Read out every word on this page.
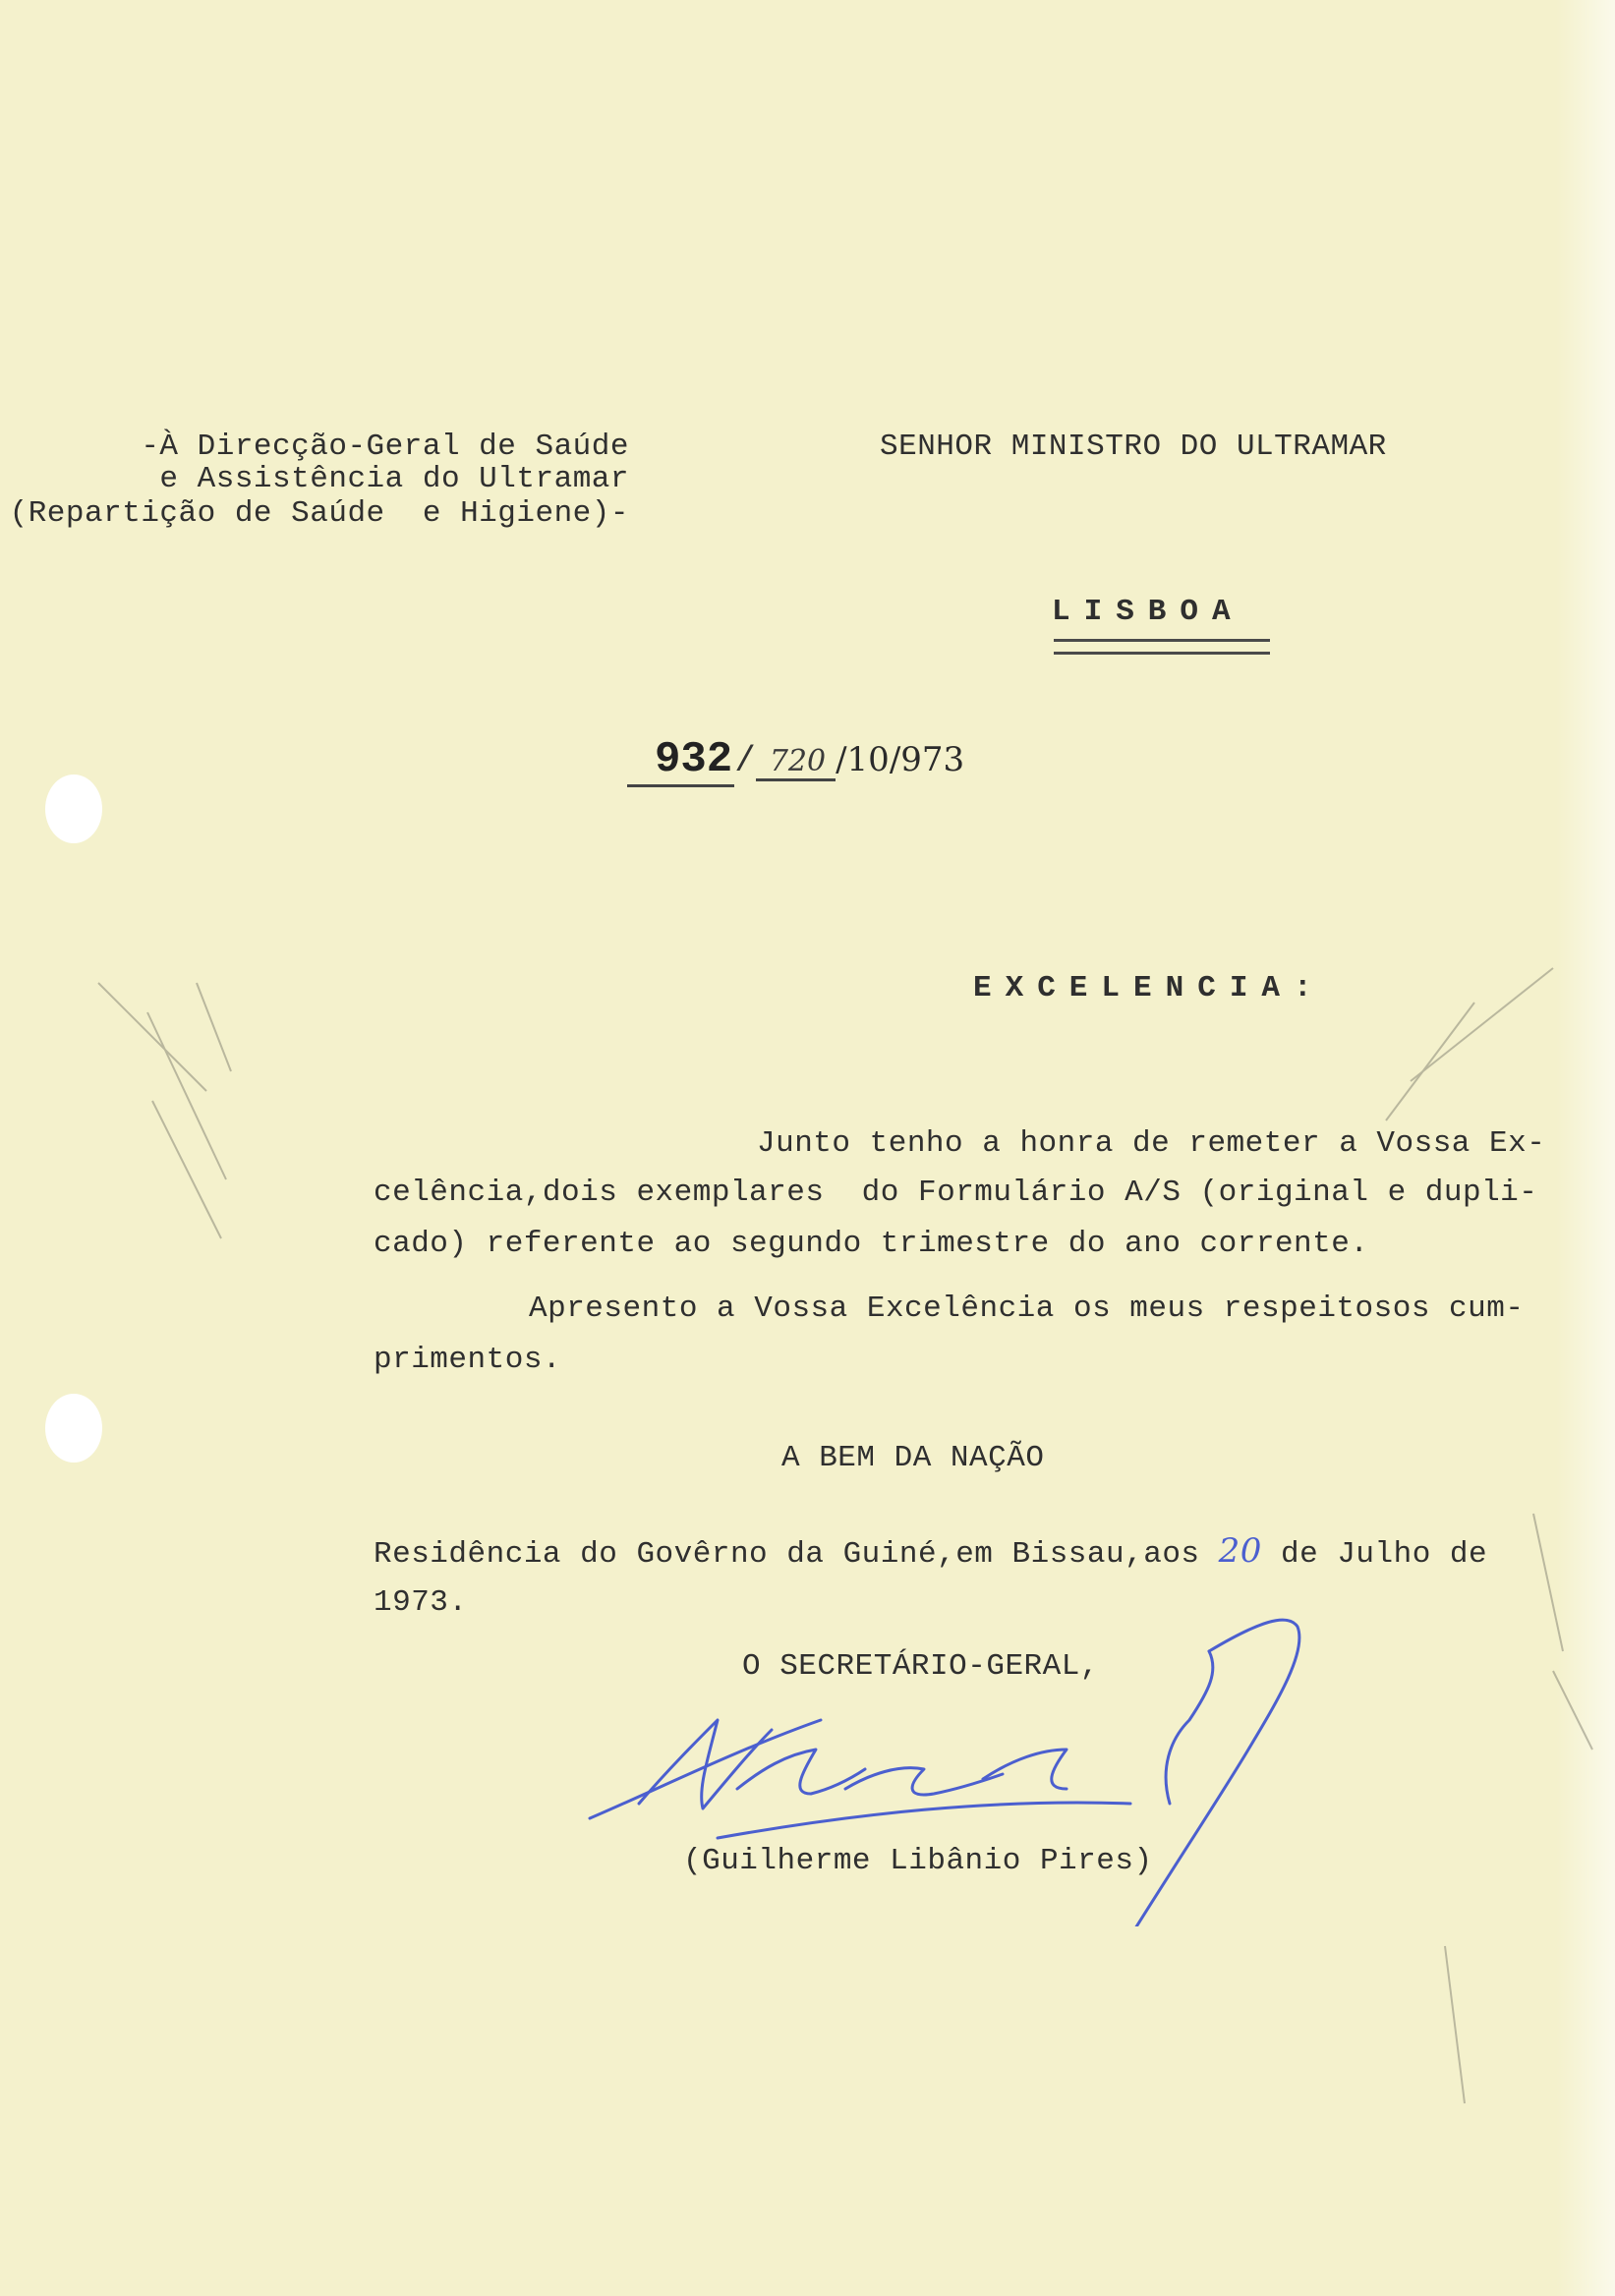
-À Direcção-Geral de Saúde
e Assistência do Ultramar
(Repartição de Saúde  e Higiene)-
SENHOR MINISTRO DO ULTRAMAR
LISBOA
932/ 720 /10/973
EXCELENCIA:
Junto tenho a honra de remeter a Vossa Ex-
celência,dois exemplares  do Formulário A/S (original e dupli-
cado) referente ao segundo trimestre do ano corrente.
Apresento a Vossa Excelência os meus respeitosos cum-
primentos.
A BEM DA NAÇÃO
Residência do Govêrno da Guiné,em Bissau,aos 20 de Julho de
1973.
O SECRETÁRIO-GERAL,
(Guilherme Libânio Pires)
